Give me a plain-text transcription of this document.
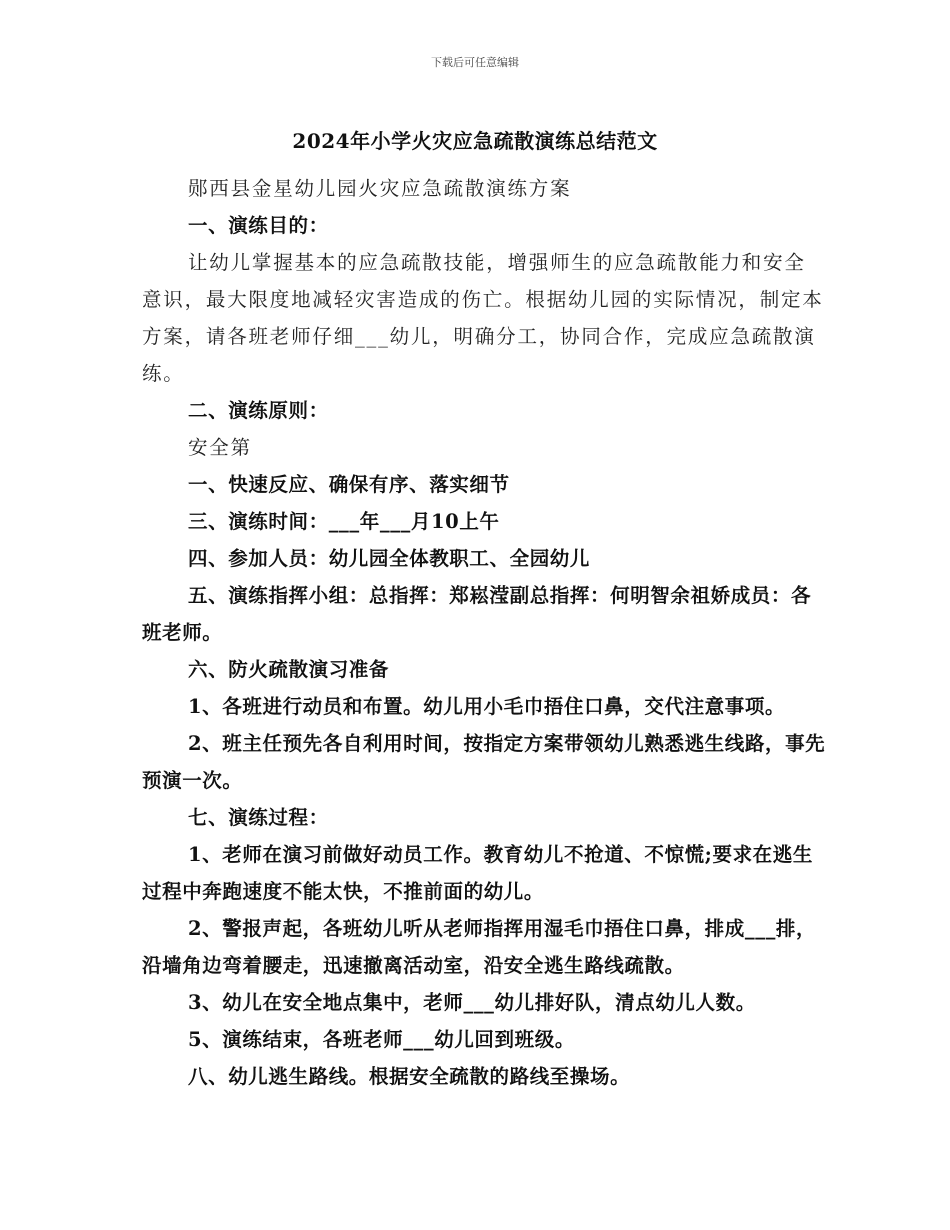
下载后可任意编辑
2024年小学火灾应急疏散演练总结范文

郧西县金星幼儿园火灾应急疏散演练方案

一、演练目的：

让幼儿掌握基本的应急疏散技能，增强师生的应急疏散能力和安全意识，最大限度地减轻灾害造成的伤亡。根据幼儿园的实际情况，制定本方案，请各班老师仔细___幼儿，明确分工，协同合作，完成应急疏散演练。

二、演练原则：

安全第

一、快速反应、确保有序、落实细节

三、演练时间：___年___月10上午

四、参加人员：幼儿园全体教职工、全园幼儿

五、演练指挥小组：总指挥：郑崧滢副总指挥：何明智余祖娇成员：各班老师。

六、防火疏散演习准备

1、各班进行动员和布置。幼儿用小毛巾捂住口鼻，交代注意事项。

2、班主任预先各自利用时间，按指定方案带领幼儿熟悉逃生线路，事先预演一次。

七、演练过程：

1、老师在演习前做好动员工作。教育幼儿不抢道、不惊慌;要求在逃生过程中奔跑速度不能太快，不推前面的幼儿。

2、警报声起，各班幼儿听从老师指挥用湿毛巾捂住口鼻，排成___排，沿墙角边弯着腰走，迅速撤离活动室，沿安全逃生路线疏散。

3、幼儿在安全地点集中，老师___幼儿排好队，清点幼儿人数。

5、演练结束，各班老师___幼儿回到班级。

八、幼儿逃生路线。根据安全疏散的路线至操场。
